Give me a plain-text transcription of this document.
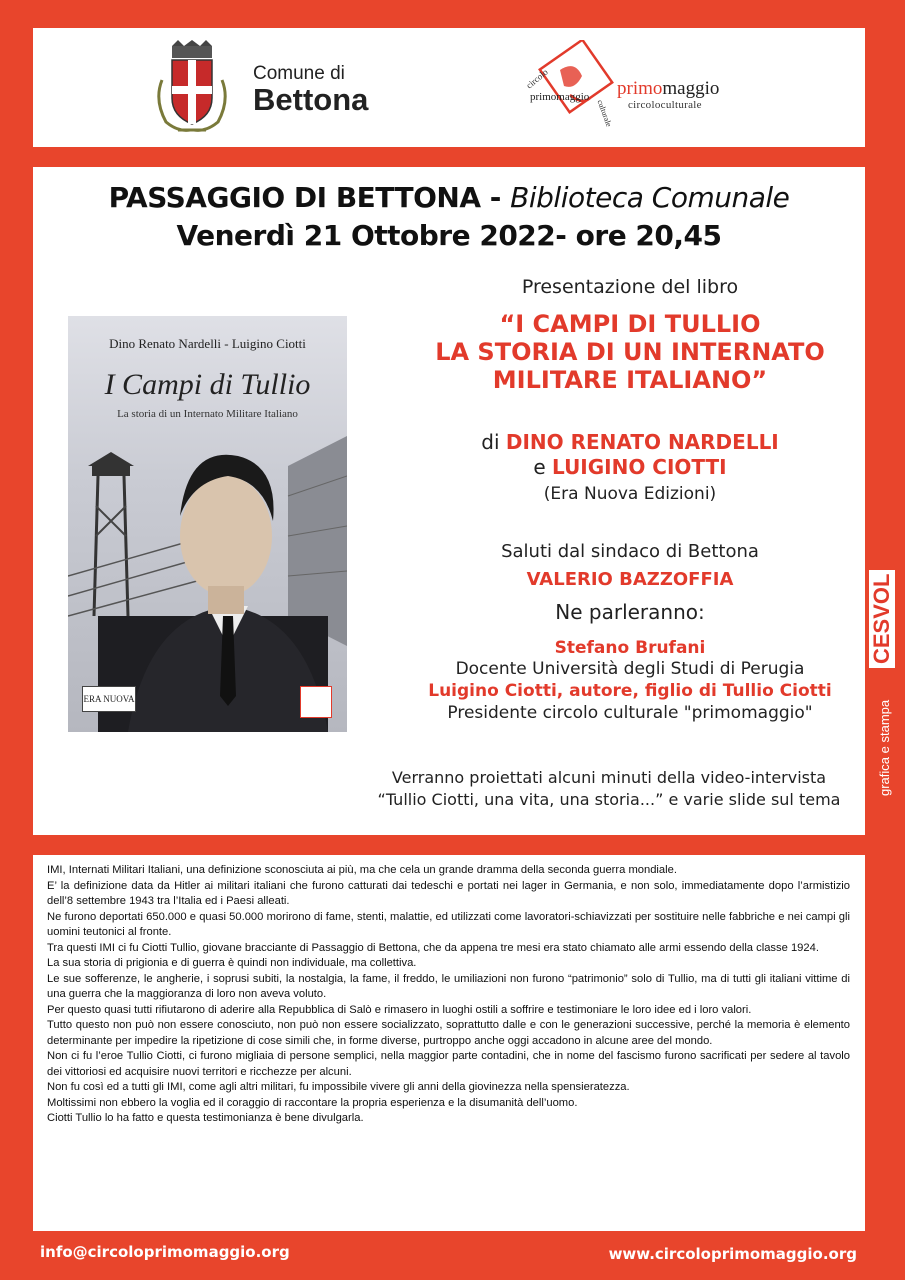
Comune di
Bettona
circolo
primomaggio
culturale
primomaggio
circoloculturale
PASSAGGIO DI BETTONA - Biblioteca Comunale
Venerdì 21 Ottobre 2022- ore 20,45
Dino Renato Nardelli - Luigino Ciotti
I Campi di Tullio
La storia di un Internato Militare Italiano
ERA NUOVA
Presentazione del libro
“I CAMPI DI TULLIO
LA STORIA DI UN INTERNATO
MILITARE ITALIANO”
di DINO RENATO NARDELLI
e LUIGINO CIOTTI
(Era Nuova Edizioni)
Saluti dal sindaco di Bettona
VALERIO BAZZOFFIA
Ne parleranno:
Stefano Brufani
Docente Università degli Studi di Perugia
Luigino Ciotti, autore, figlio di Tullio Ciotti
Presidente circolo culturale "primomaggio"
Verranno proiettati alcuni minuti della video-intervista
“Tullio Ciotti, una vita, una storia...” e varie slide sul tema
CESVOL
grafica e stampa

IMI, Internati Militari Italiani, una definizione sconosciuta ai più, ma che cela un grande dramma della seconda guerra mondiale.

E’ la definizione data da Hitler ai militari italiani che furono catturati dai tedeschi e portati nei lager in Germania, e non solo, immediatamente dopo l’armistizio dell’8 settembre 1943 tra l’Italia ed i Paesi alleati.

Ne furono deportati 650.000 e quasi 50.000 morirono di fame, stenti, malattie, ed utilizzati come lavoratori-schiavizzati per sostituire nelle fabbriche e nei campi gli uomini teutonici al fronte.

Tra questi IMI ci fu Ciotti Tullio, giovane bracciante di Passaggio di Bettona, che da appena tre mesi era stato chiamato alle armi essendo della classe 1924.

La sua storia di prigionia e di guerra è quindi non individuale, ma collettiva.

Le sue sofferenze, le angherie, i soprusi subiti, la nostalgia, la fame, il freddo, le umiliazioni non furono “patrimonio” solo di Tullio, ma di tutti gli italiani vittime di una guerra che la maggioranza di loro non aveva voluto.

Per questo quasi tutti rifiutarono di aderire alla Repubblica di Salò e rimasero in luoghi ostili a soffrire e testimoniare le loro idee ed i loro valori.

Tutto questo non può non essere conosciuto, non può non essere socializzato, soprattutto dalle e con le generazioni successive, perché la memoria è elemento determinante per impedire la ripetizione di cose simili che, in forme diverse, purtroppo anche oggi accadono in alcune aree del mondo.

Non ci fu l’eroe Tullio Ciotti, ci furono migliaia di persone semplici, nella maggior parte contadini, che in nome del fascismo furono sacrificati per sedere al tavolo dei vittoriosi ed acquisire nuovi territori e ricchezze per alcuni.

Non fu così ed a tutti gli IMI, come agli altri militari, fu impossibile vivere gli anni della giovinezza nella spensieratezza.

Moltissimi non ebbero la voglia ed il coraggio di raccontare la propria esperienza e la disumanità dell’uomo.

Ciotti Tullio lo ha fatto e questa testimonianza è bene divulgarla.

info@circoloprimomaggio.org	www.circoloprimomaggio.org
